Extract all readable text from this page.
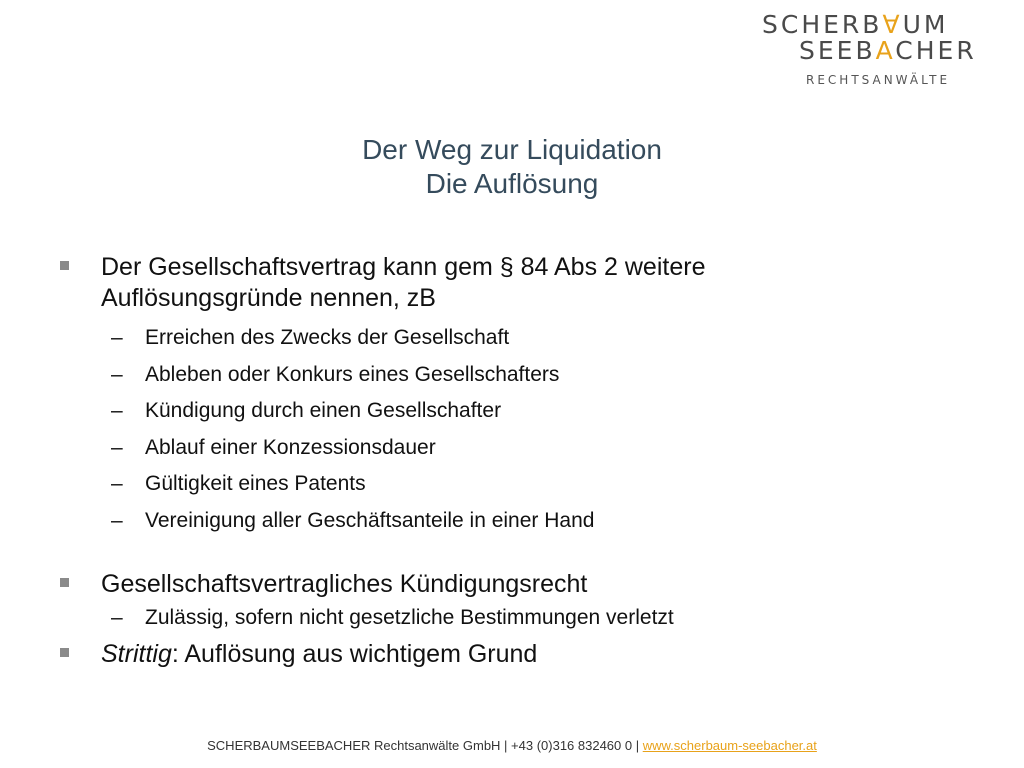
SCHERB∀UM
SEEBACHER
RECHTSANWÄLTE
Der Weg zur Liquidation
Die Auflösung
Der Gesellschaftsvertrag kann gem § 84 Abs 2 weitere
Auflösungsgründe nennen, zB
– Erreichen des Zwecks der Gesellschaft
– Ableben oder Konkurs eines Gesellschafters
– Kündigung durch einen Gesellschafter
– Ablauf einer Konzessionsdauer
– Gültigkeit eines Patents
– Vereinigung aller Geschäftsanteile in einer Hand
Gesellschaftsvertragliches Kündigungsrecht
– Zulässig, sofern nicht gesetzliche Bestimmungen verletzt
Strittig: Auflösung aus wichtigem Grund
SCHERBAUMSEEBACHER Rechtsanwälte GmbH | +43 (0)316 832460 0 | www.scherbaum-seebacher.at
